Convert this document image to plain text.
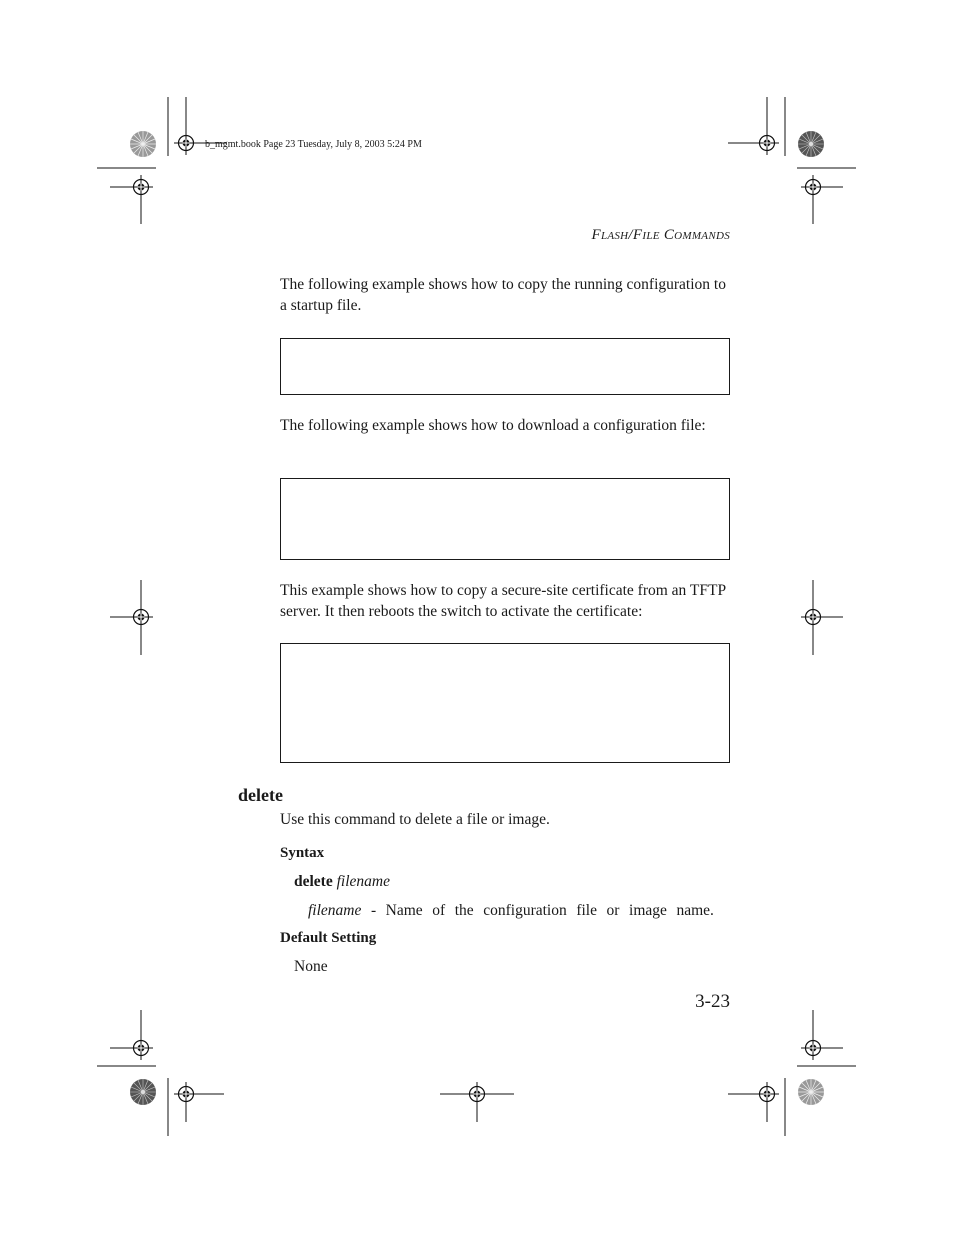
b_mgmt.book Page 23 Tuesday, July 8, 2003 5:24 PM
FLASH/FILE COMMANDS
The following example shows how to copy the running configuration to a startup file.
The following example shows how to download a configuration file:
This example shows how to copy a secure-site certificate from an TFTP server. It then reboots the switch to activate the certificate:
delete
Use this command to delete a file or image.
Syntax
delete filename
filename - Name of the configuration file or image name.
Default Setting
None
3-23
